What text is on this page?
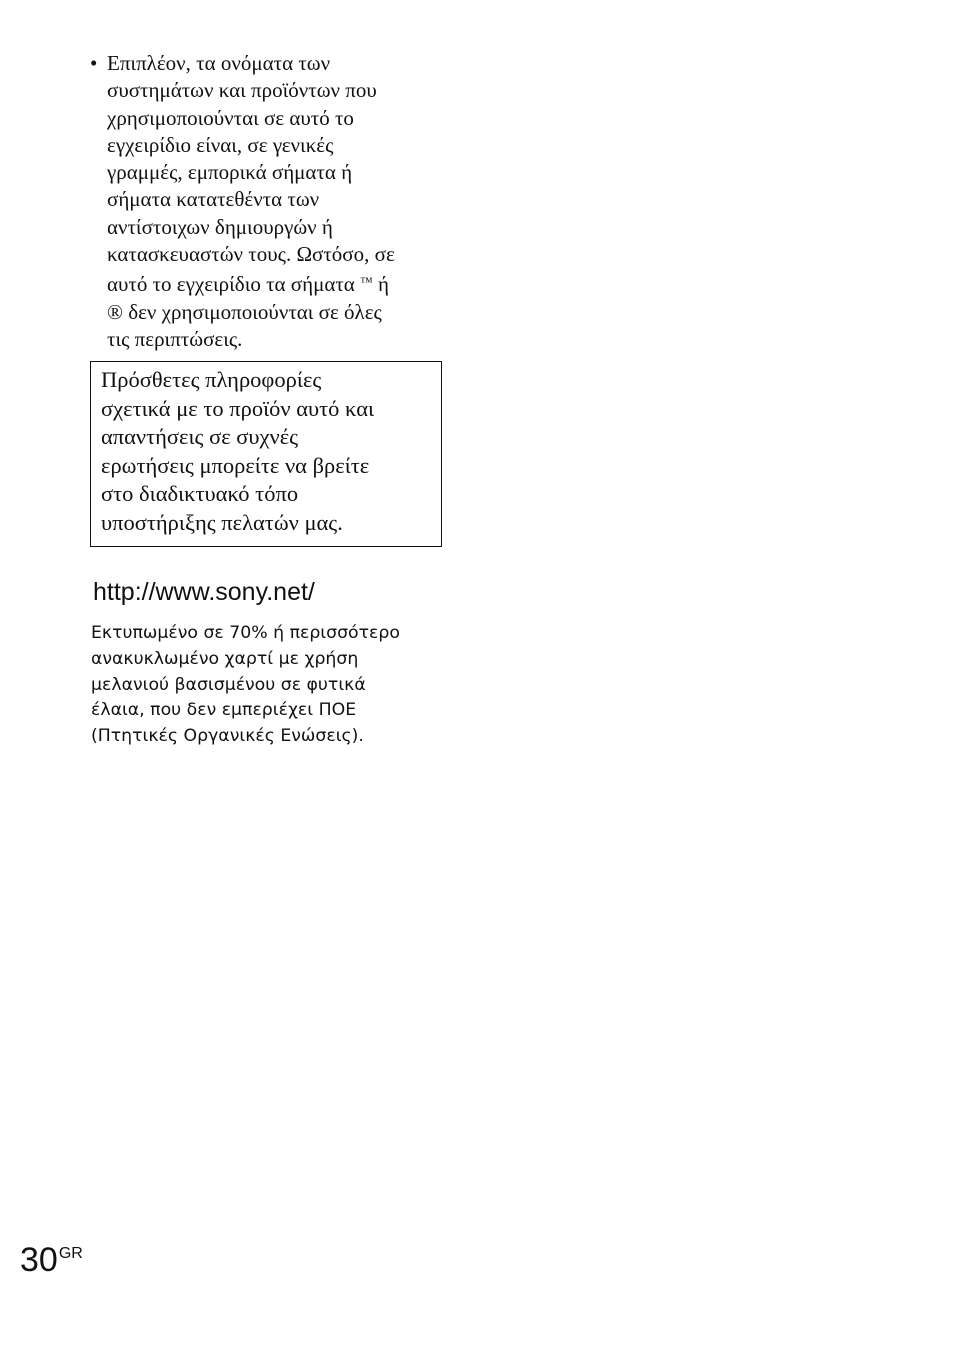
• Επιπλέον, τα ονόματα των
συστημάτων και προϊόντων που
χρησιμοποιούνται σε αυτό το
εγχειρίδιο είναι, σε γενικές
γραμμές, εμπορικά σήματα ή
σήματα κατατεθέντα των
αντίστοιχων δημιουργών ή
κατασκευαστών τους. Ωστόσο, σε
αυτό το εγχειρίδιο τα σήματα ™ ή
® δεν χρησιμοποιούνται σε όλες
τις περιπτώσεις.
Πρόσθετες πληροφορίες
σχετικά με το προϊόν αυτό και
απαντήσεις σε συχνές
ερωτήσεις μπορείτε να βρείτε
στο διαδικτυακό τόπο
υποστήριξης πελατών μας.
http://www.sony.net/
Εκτυπωμένο σε 70% ή περισσότερο
ανακυκλωμένο χαρτί με χρήση
μελανιού βασισμένου σε φυτικά
έλαια, που δεν εμπεριέχει ΠΟΕ
(Πτητικές Οργανικές Ενώσεις).
$30^{GR}$
